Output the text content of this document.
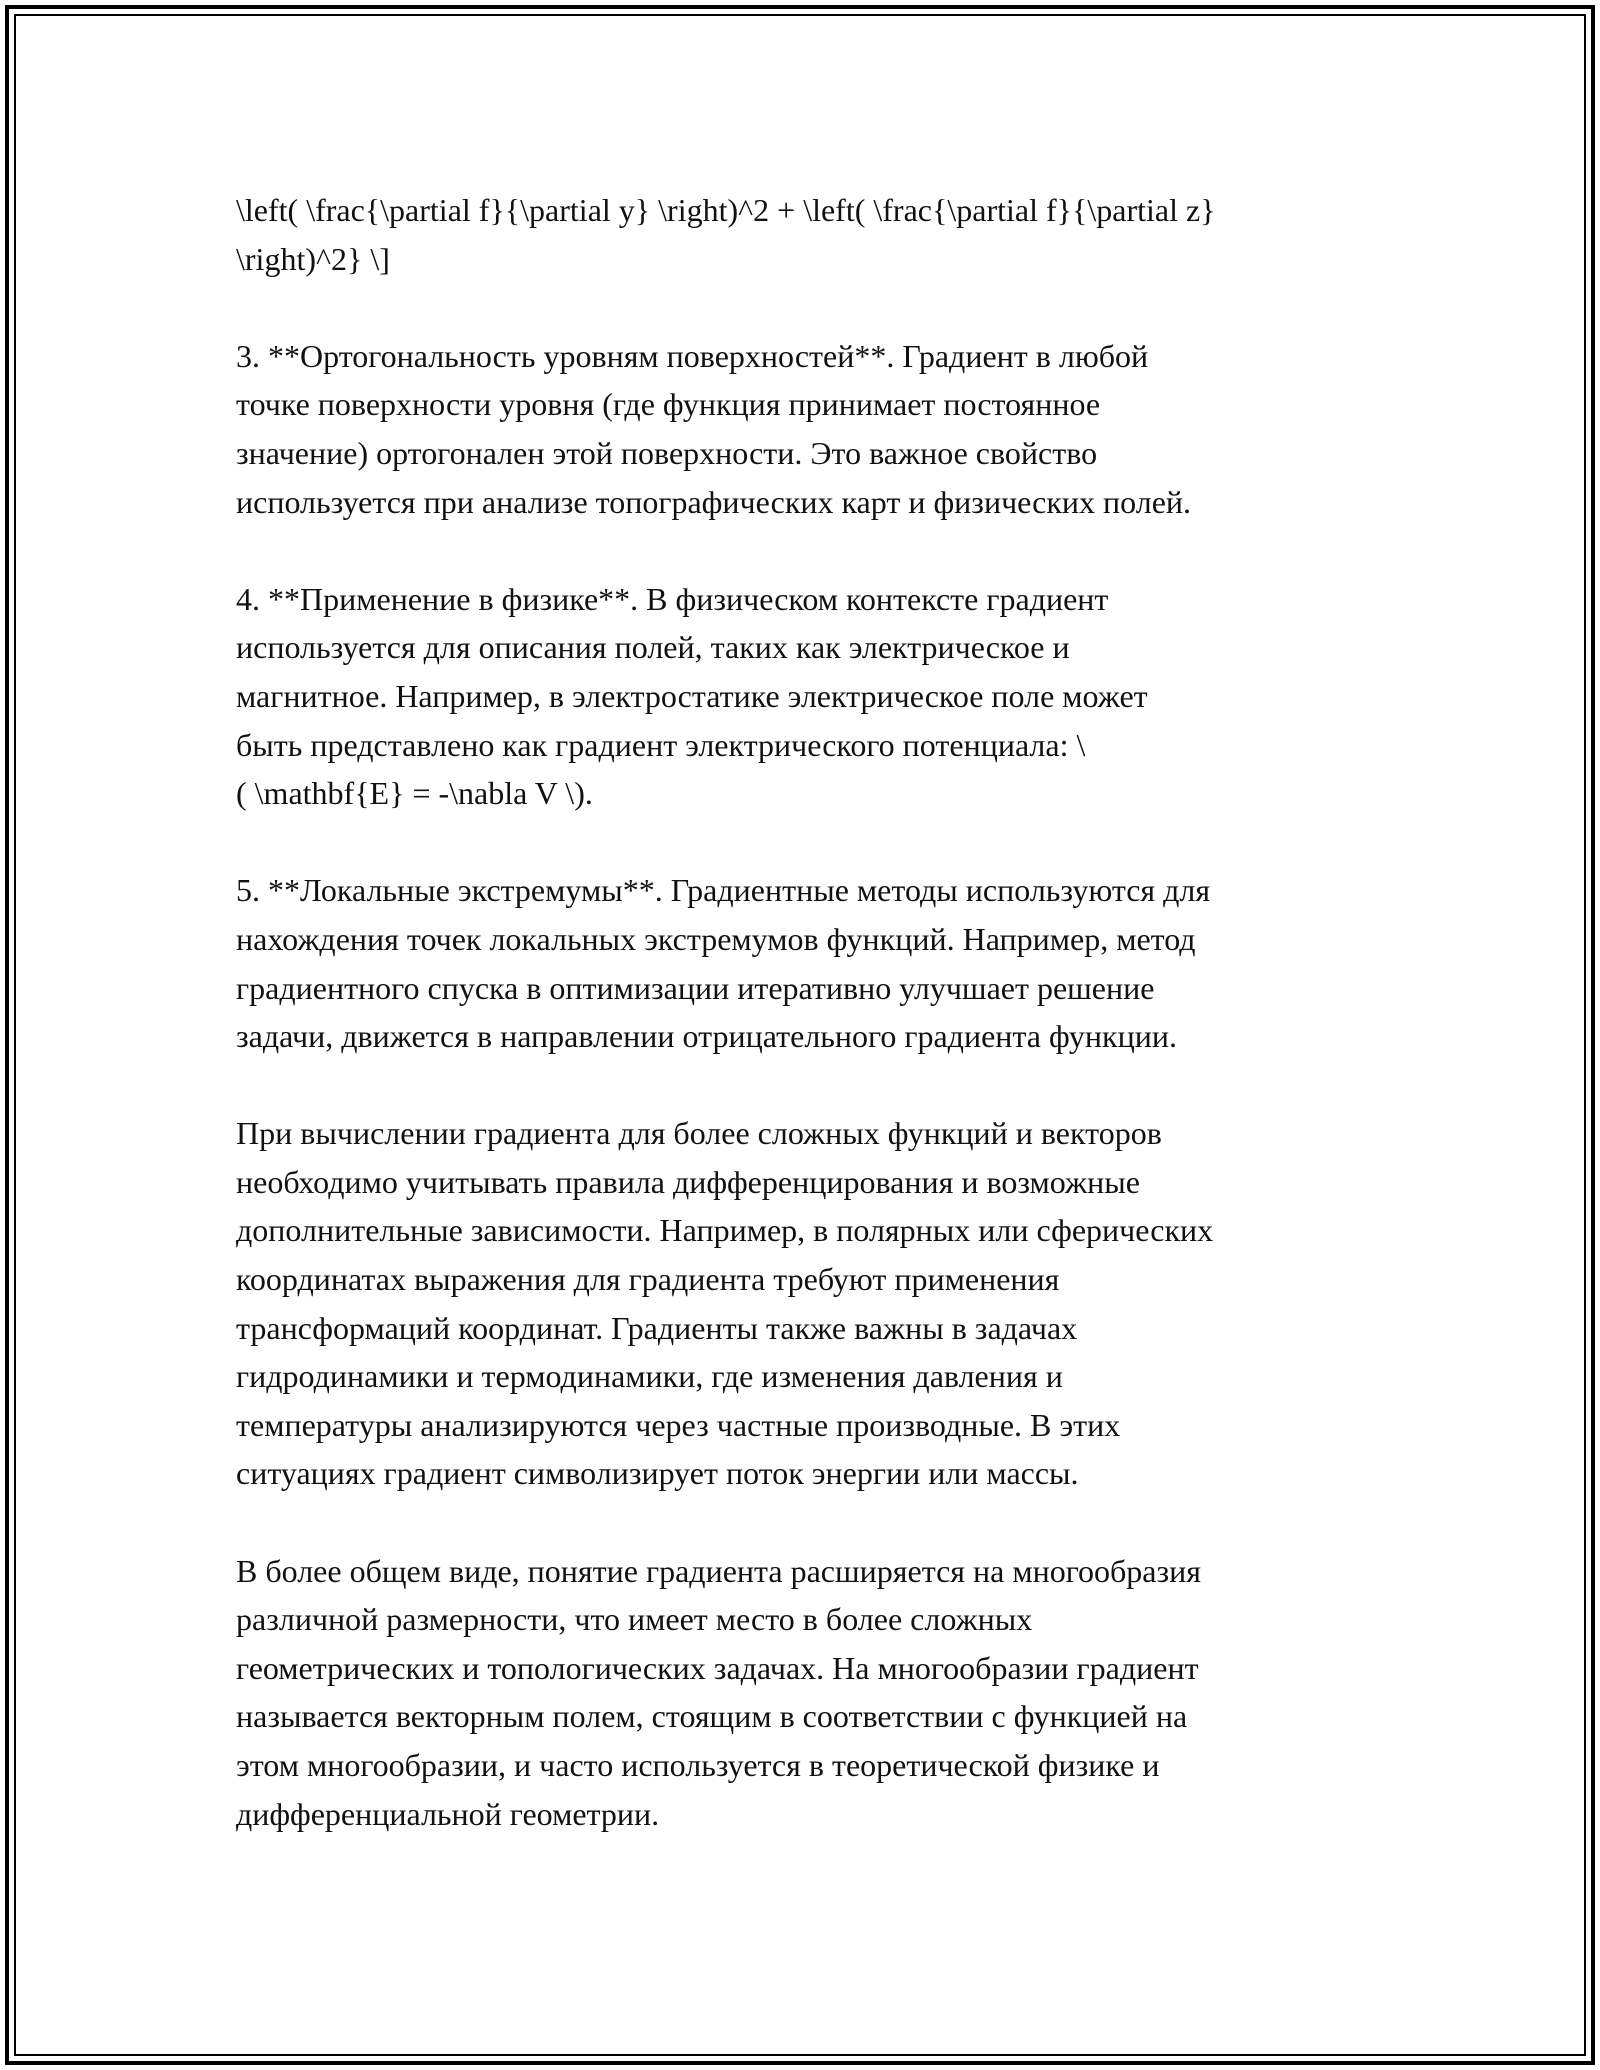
\left( \frac{\partial f}{\partial y} \right)^2 + \left( \frac{\partial f}{\partial z}
\right)^2} \]
3. **Ортогональность уровням поверхностей**. Градиент в любой
точке поверхности уровня (где функция принимает постоянное
значение) ортогонален этой поверхности. Это важное свойство
используется при анализе топографических карт и физических полей.
4. **Применение в физике**. В физическом контексте градиент
используется для описания полей, таких как электрическое и
магнитное. Например, в электростатике электрическое поле может
быть представлено как градиент электрического потенциала: \
( \mathbf{E} = -\nabla V \).
5. **Локальные экстремумы**. Градиентные методы используются для
нахождения точек локальных экстремумов функций. Например, метод
градиентного спуска в оптимизации итеративно улучшает решение
задачи, движется в направлении отрицательного градиента функции.
При вычислении градиента для более сложных функций и векторов
необходимо учитывать правила дифференцирования и возможные
дополнительные зависимости. Например, в полярных или сферических
координатах выражения для градиента требуют применения
трансформаций координат. Градиенты также важны в задачах
гидродинамики и термодинамики, где изменения давления и
температуры анализируются через частные производные. В этих
ситуациях градиент символизирует поток энергии или массы.
В более общем виде, понятие градиента расширяется на многообразия
различной размерности, что имеет место в более сложных
геометрических и топологических задачах. На многообразии градиент
называется векторным полем, стоящим в соответствии с функцией на
этом многообразии, и часто используется в теоретической физике и
дифференциальной геометрии.
